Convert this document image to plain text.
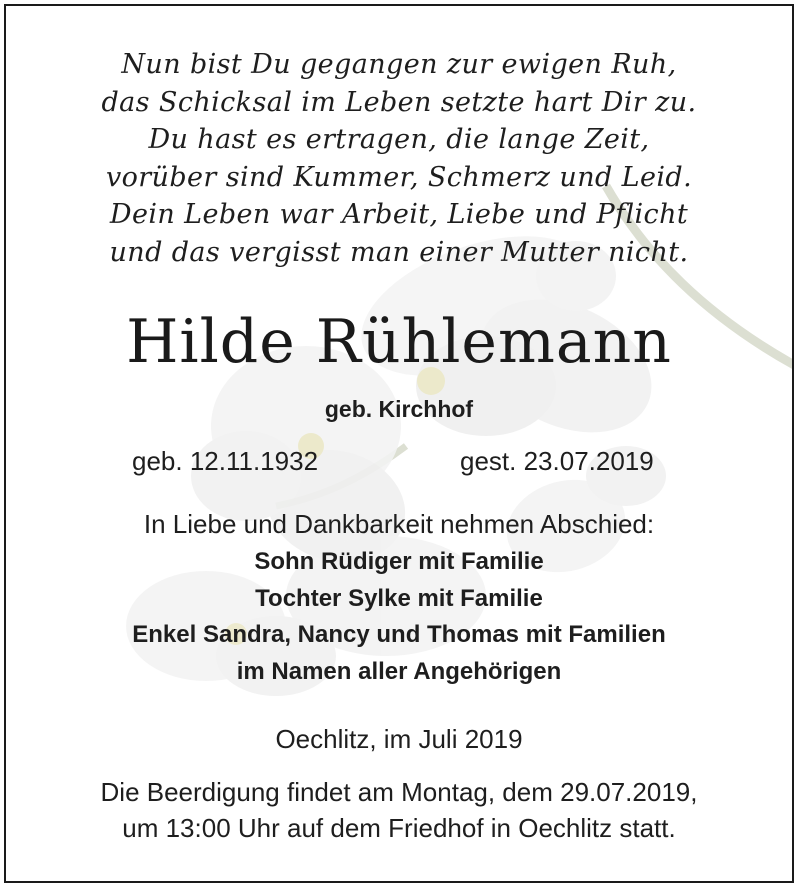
Nun bist Du gegangen zur ewigen Ruh,
das Schicksal im Leben setzte hart Dir zu.
Du hast es ertragen, die lange Zeit,
vorüber sind Kummer, Schmerz und Leid.
Dein Leben war Arbeit, Liebe und Pflicht
und das vergisst man einer Mutter nicht.
Hilde Rühlemann
geb. Kirchhof
geb. 12.11.1932	gest. 23.07.2019
In Liebe und Dankbarkeit nehmen Abschied:
Sohn Rüdiger mit Familie
Tochter Sylke mit Familie
Enkel Sandra, Nancy und Thomas mit Familien
im Namen aller Angehörigen
Oechlitz, im Juli 2019
Die Beerdigung findet am Montag, dem 29.07.2019,
um 13:00 Uhr auf dem Friedhof in Oechlitz statt.
